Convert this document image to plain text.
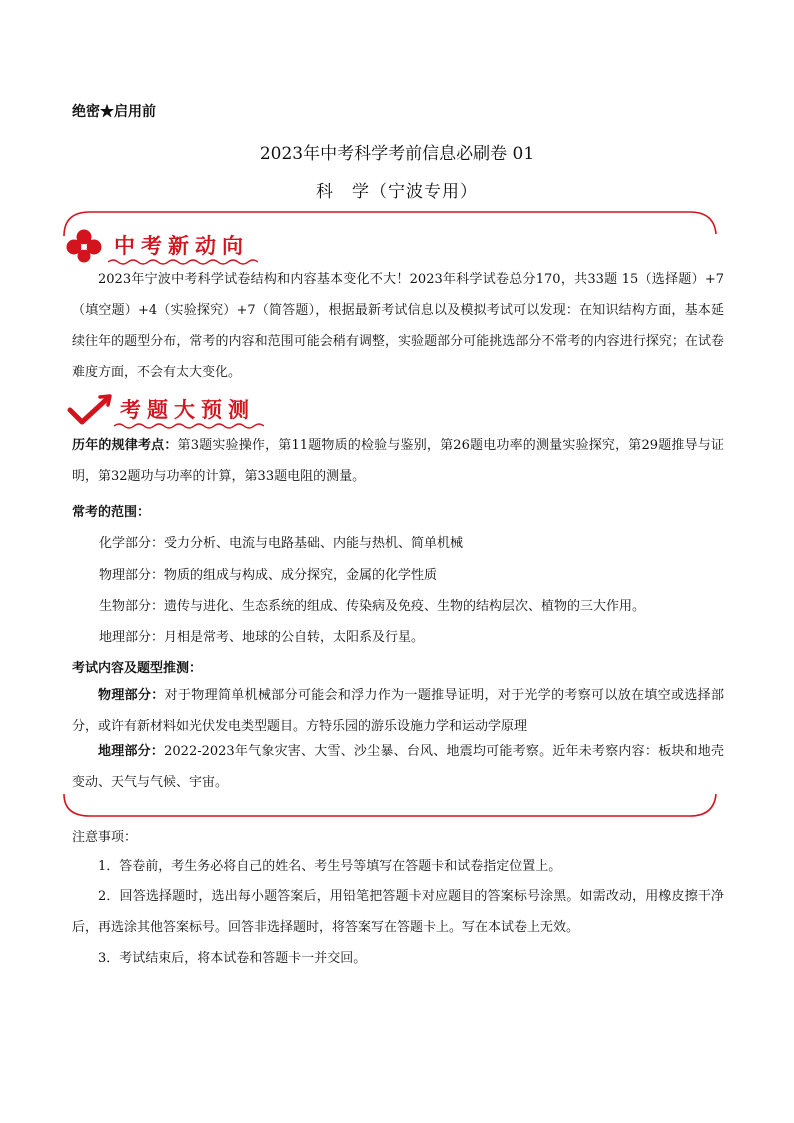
绝密★启用前
2023年中考科学考前信息必刷卷 01
科　学（宁波专用）
中考新动向
2023年宁波中考科学试卷结构和内容基本变化不大！2023年科学试卷总分170，共33题 15（选择题）+7（填空题）+4（实验探究）+7（简答题），根据最新考试信息以及模拟考试可以发现：在知识结构方面，基本延续往年的题型分布，常考的内容和范围可能会稍有调整，实验题部分可能挑选部分不常考的内容进行探究；在试卷难度方面，不会有太大变化。
考题大预测
历年的规律考点：第3题实验操作，第11题物质的检验与鉴别，第26题电功率的测量实验探究，第29题推导与证明，第32题功与功率的计算，第33题电阻的测量。
常考的范围：
化学部分：受力分析、电流与电路基础、内能与热机、简单机械
物理部分：物质的组成与构成、成分探究，金属的化学性质
生物部分：遗传与进化、生态系统的组成、传染病及免疫、生物的结构层次、植物的三大作用。
地理部分：月相是常考、地球的公自转，太阳系及行星。
考试内容及题型推测：
物理部分：对于物理简单机械部分可能会和浮力作为一题推导证明，对于光学的考察可以放在填空或选择部分，或许有新材料如光伏发电类型题目。方特乐园的游乐设施力学和运动学原理
地理部分：2022-2023年气象灾害、大雪、沙尘暴、台风、地震均可能考察。近年未考察内容：板块和地壳变动、天气与气候、宇宙。
注意事项：
1．答卷前，考生务必将自己的姓名、考生号等填写在答题卡和试卷指定位置上。
2．回答选择题时，选出每小题答案后，用铅笔把答题卡对应题目的答案标号涂黑。如需改动，用橡皮擦干净后，再选涂其他答案标号。回答非选择题时，将答案写在答题卡上。写在本试卷上无效。
3．考试结束后，将本试卷和答题卡一并交回。
